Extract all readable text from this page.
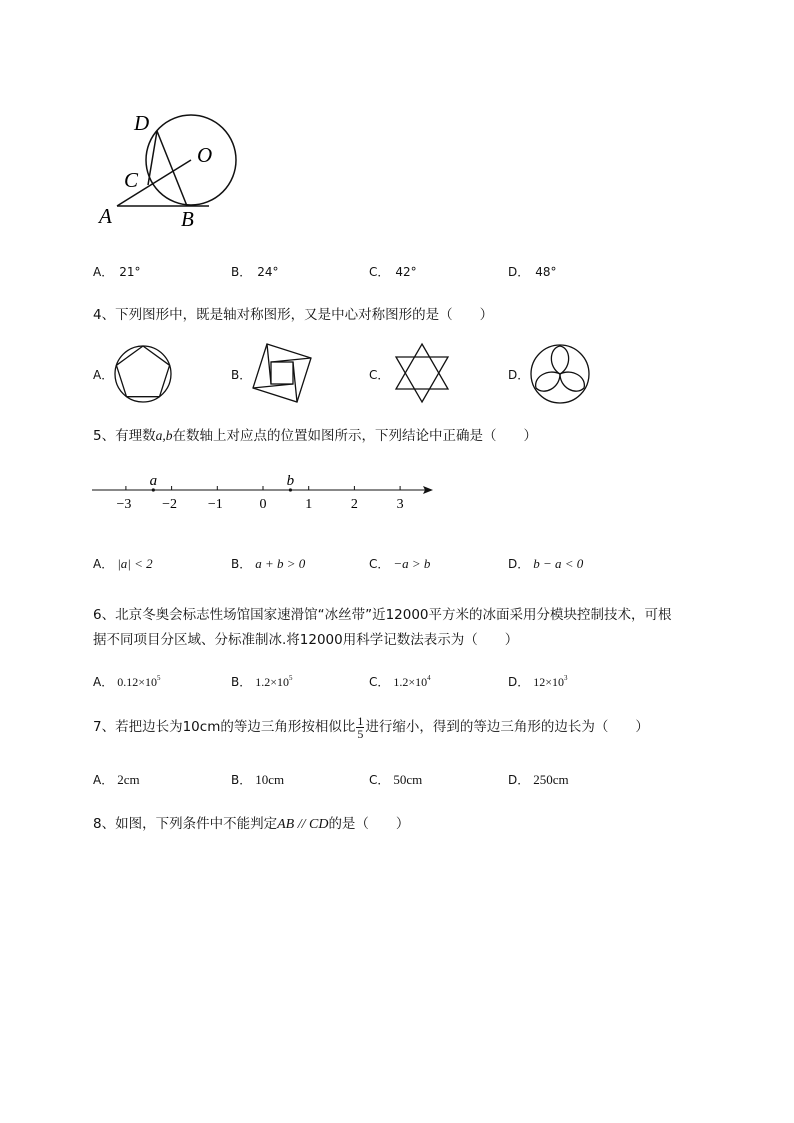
D
O
C
A	B
A． 21°	B． 24°	C． 42°	D． 48°
4、下列图形中，既是轴对称图形，又是中心对称图形的是（　　）
A．	B．	C．	D．
5、有理数a,b在数轴上对应点的位置如图所示，下列结论中正确是（　　）
−3 −2 −1	0	1	2	3
a	b
A． |a| < 2	B． a + b > 0	C． −a > b	D． b − a < 0
6、北京冬奥会标志性场馆国家速滑馆“冰丝带”近12000平方米的冰面采用分模块控制技术，可根
据不同项目分区域、分标准制冰.将12000用科学记数法表示为（　　）
A． $0.12\times 10^5$	B． $1.2\times 10^5$	C． $1.2\times 10^4$	D． $12\times 10^3$
7、若把边长为10cm的等边三角形按相似比 $\frac{1}{5}$ 进行缩小，得到的等边三角形的边长为（　　）
A． 2cm	B． 10cm	C． 50cm	D． 250cm
8、如图，下列条件中不能判定AB // CD的是（　　）
